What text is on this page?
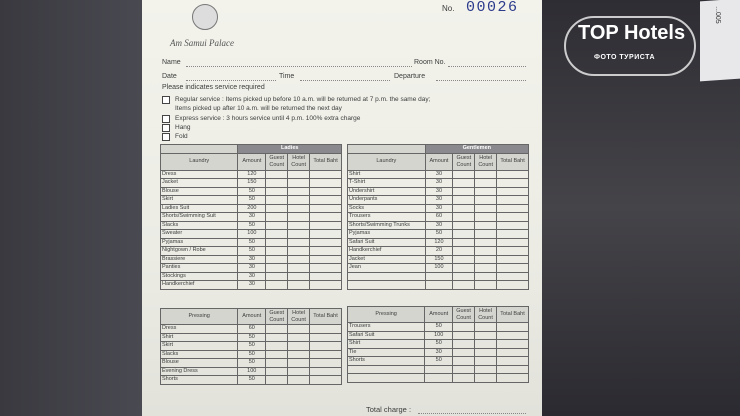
...005
Am Samui Palace
No. 00026
Name	Room No.
Date	Time	Departure
Please indicates service required
Regular service : Items picked up before 10 a.m. will be returned at 7 p.m. the same day;
Items picked up after 10 a.m. will be returned the next day
Express service : 3 hours service until 4 p.m. 100% extra charge
Hang
Fold
	Ladies			
Laundry	Amount	Guest Count	Hotel Count	Total Baht
Dress	120			
Jacket	150			
Blouse	50			
Skirt	50			
Ladies Suit	200			
Shorts/Swimming Suit	30			
Slacks	50			
Sweater	100			
Pyjamas	50			
Nightgown / Robe	50			
Brassiere	30			
Panties	30			
Stockings	30			
Handkerchief	30			
	Gentlemen			
Laundry	Amount	Guest Count	Hotel Count	Total Baht
Shirt	30			
T-Shirt	30			
Undershirt	30			
Underpants	30			
Socks	30			
Trousers	60			
Shorts/Swimming Trunks	30			
Pyjamas	50			
Safari Suit	120			
Handkerchief	20			
Jacket	150			
Jean	100			

Pressing	Amount	Guest Count	Hotel Count	Total Baht
Dress	60			
Shirt	50			
Skirt	50			
Slacks	50			
Blouse	50			
Evening Dress	100			
Shorts	50			
Pressing	Amount	Guest Count	Hotel Count	Total Baht
Trousers	50			
Safari Suit	100			
Shirt	50			
Tie	30			
Shorts	50			

Total charge :
TOP Hotels
ФОТО ТУРИСТА
